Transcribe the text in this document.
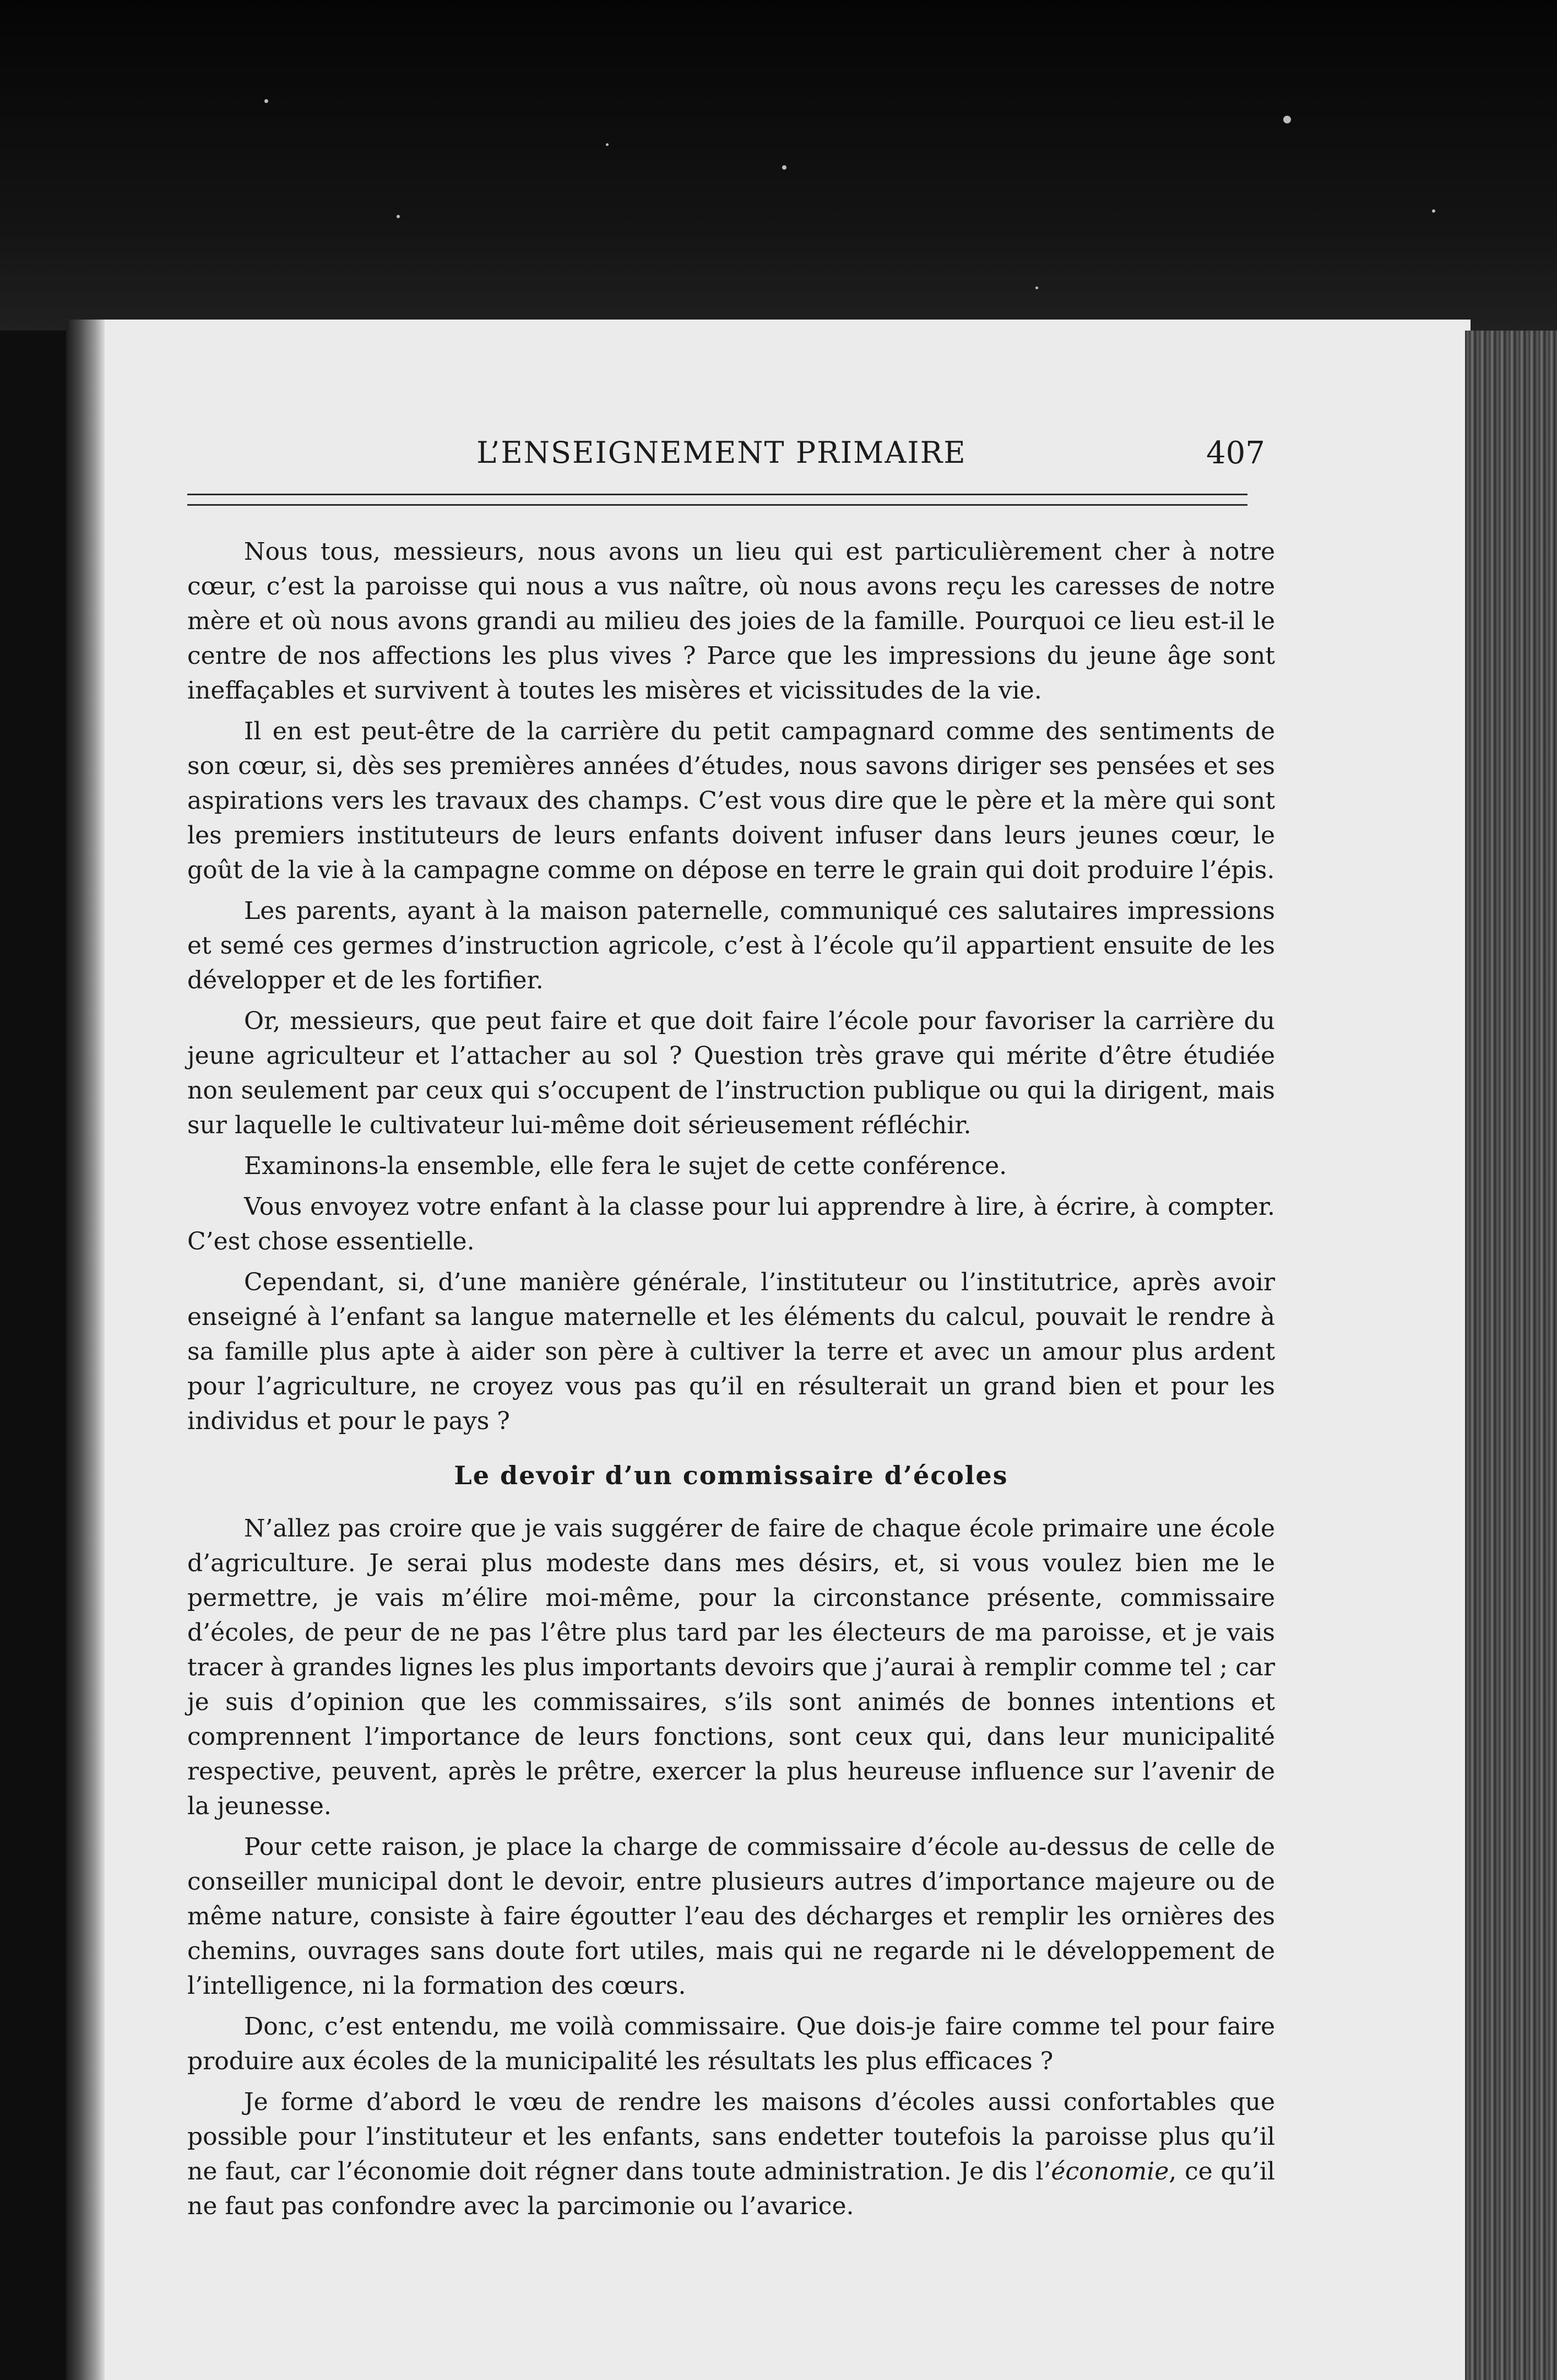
L’ENSEIGNEMENT PRIMAIRE	407

Nous tous, messieurs, nous avons un lieu qui est particulièrement cher à notre cœur, c’est la paroisse qui nous a vus naître, où nous avons reçu les caresses de notre mère et où nous avons grandi au milieu des joies de la famille. Pourquoi ce lieu est-il le centre de nos affections les plus vives ? Parce que les impressions du jeune âge sont ineffaçables et survivent à toutes les misères et vicissitudes de la vie.

Il en est peut-être de la carrière du petit campagnard comme des sentiments de son cœur, si, dès ses premières années d’études, nous savons diriger ses pensées et ses aspirations vers les travaux des champs. C’est vous dire que le père et la mère qui sont les premiers instituteurs de leurs enfants doivent infuser dans leurs jeunes cœur, le goût de la vie à la campagne comme on dépose en terre le grain qui doit produire l’épis.

Les parents, ayant à la maison paternelle, communiqué ces salutaires impressions et semé ces germes d’instruction agricole, c’est à l’école qu’il appartient ensuite de les développer et de les fortifier.

Or, messieurs, que peut faire et que doit faire l’école pour favoriser la carrière du jeune agriculteur et l’attacher au sol ? Question très grave qui mérite d’être étudiée non seulement par ceux qui s’occupent de l’instruction publique ou qui la dirigent, mais sur laquelle le cultivateur lui-même doit sérieusement réfléchir.

Examinons-la ensemble, elle fera le sujet de cette conférence.

Vous envoyez votre enfant à la classe pour lui apprendre à lire, à écrire, à compter. C’est chose essentielle.

Cependant, si, d’une manière générale, l’instituteur ou l’institutrice, après avoir enseigné à l’enfant sa langue maternelle et les éléments du calcul, pouvait le rendre à sa famille plus apte à aider son père à cultiver la terre et avec un amour plus ardent pour l’agriculture, ne croyez vous pas qu’il en résulterait un grand bien et pour les individus et pour le pays ?

Le devoir d’un commissaire d’écoles

N’allez pas croire que je vais suggérer de faire de chaque école primaire une école d’agriculture. Je serai plus modeste dans mes désirs, et, si vous voulez bien me le permettre, je vais m’élire moi-même, pour la circonstance présente, commissaire d’écoles, de peur de ne pas l’être plus tard par les électeurs de ma paroisse, et je vais tracer à grandes lignes les plus importants devoirs que j’aurai à remplir comme tel ; car je suis d’opinion que les commissaires, s’ils sont animés de bonnes intentions et comprennent l’importance de leurs fonctions, sont ceux qui, dans leur municipalité respective, peuvent, après le prêtre, exercer la plus heureuse influence sur l’avenir de la jeunesse.

Pour cette raison, je place la charge de commissaire d’école au-dessus de celle de conseiller municipal dont le devoir, entre plusieurs autres d’importance majeure ou de même nature, consiste à faire égoutter l’eau des décharges et remplir les ornières des chemins, ouvrages sans doute fort utiles, mais qui ne regarde ni le développement de l’intelligence, ni la formation des cœurs.

Donc, c’est entendu, me voilà commissaire. Que dois-je faire comme tel pour faire produire aux écoles de la municipalité les résultats les plus efficaces ?

Je forme d’abord le vœu de rendre les maisons d’écoles aussi confortables que possible pour l’instituteur et les enfants, sans endetter toutefois la paroisse plus qu’il ne faut, car l’économie doit régner dans toute administration. Je dis l’économie, ce qu’il ne faut pas confondre avec la parcimonie ou l’avarice.
